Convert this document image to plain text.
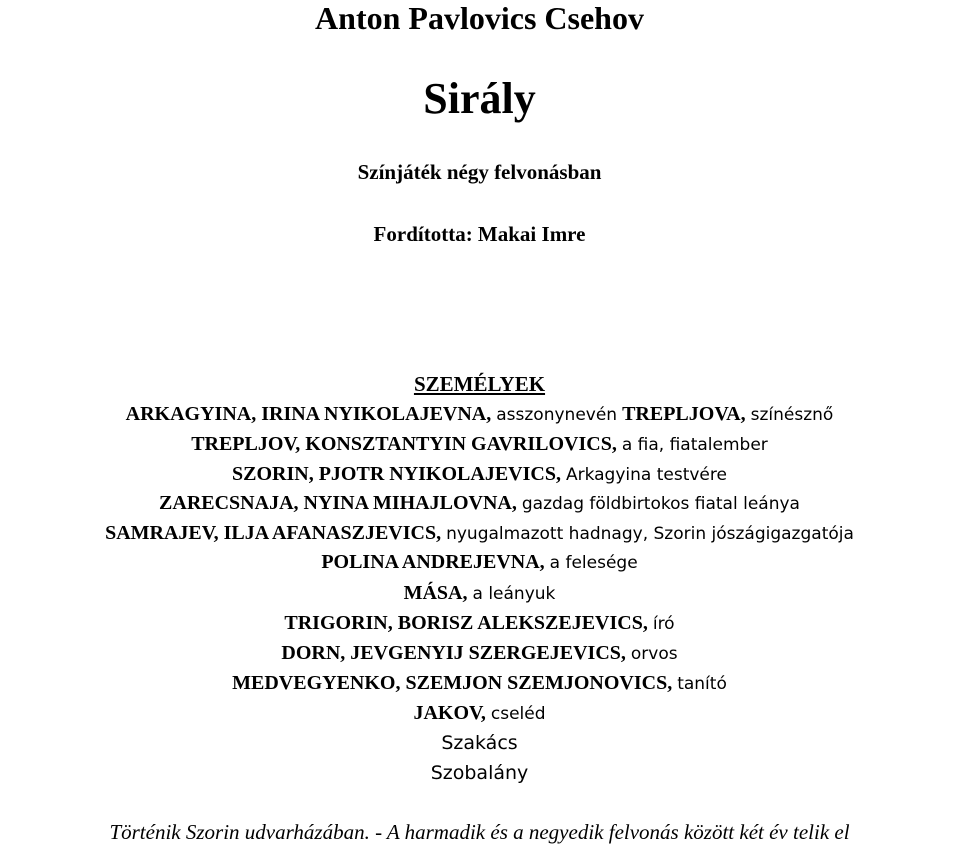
Anton Pavlovics Csehov
Sirály
Színjáték négy felvonásban
Fordította: Makai Imre
SZEMÉLYEK
ARKAGYINA, IRINA NYIKOLAJEVNA, asszonynevén TREPLJOVA, színésznő
TREPLJOV, KONSZTANTYIN GAVRILOVICS, a fia, fiatalember
SZORIN, PJOTR NYIKOLAJEVICS, Arkagyina testvére
ZARECSNAJA, NYINA MIHAJLOVNA, gazdag földbirtokos fiatal leánya
SAMRAJEV, ILJA AFANASZJEVICS, nyugalmazott hadnagy, Szorin jószágigazgatója
POLINA ANDREJEVNA, a felesége
MÁSA, a leányuk
TRIGORIN, BORISZ ALEKSZEJEVICS, író
DORN, JEVGENYIJ SZERGEJEVICS, orvos
MEDVEGYENKO, SZEMJON SZEMJONOVICS, tanító
JAKOV, cseléd
Szakács
Szobalány
Történik Szorin udvarházában. - A harmadik és a negyedik felvonás között két év telik el
